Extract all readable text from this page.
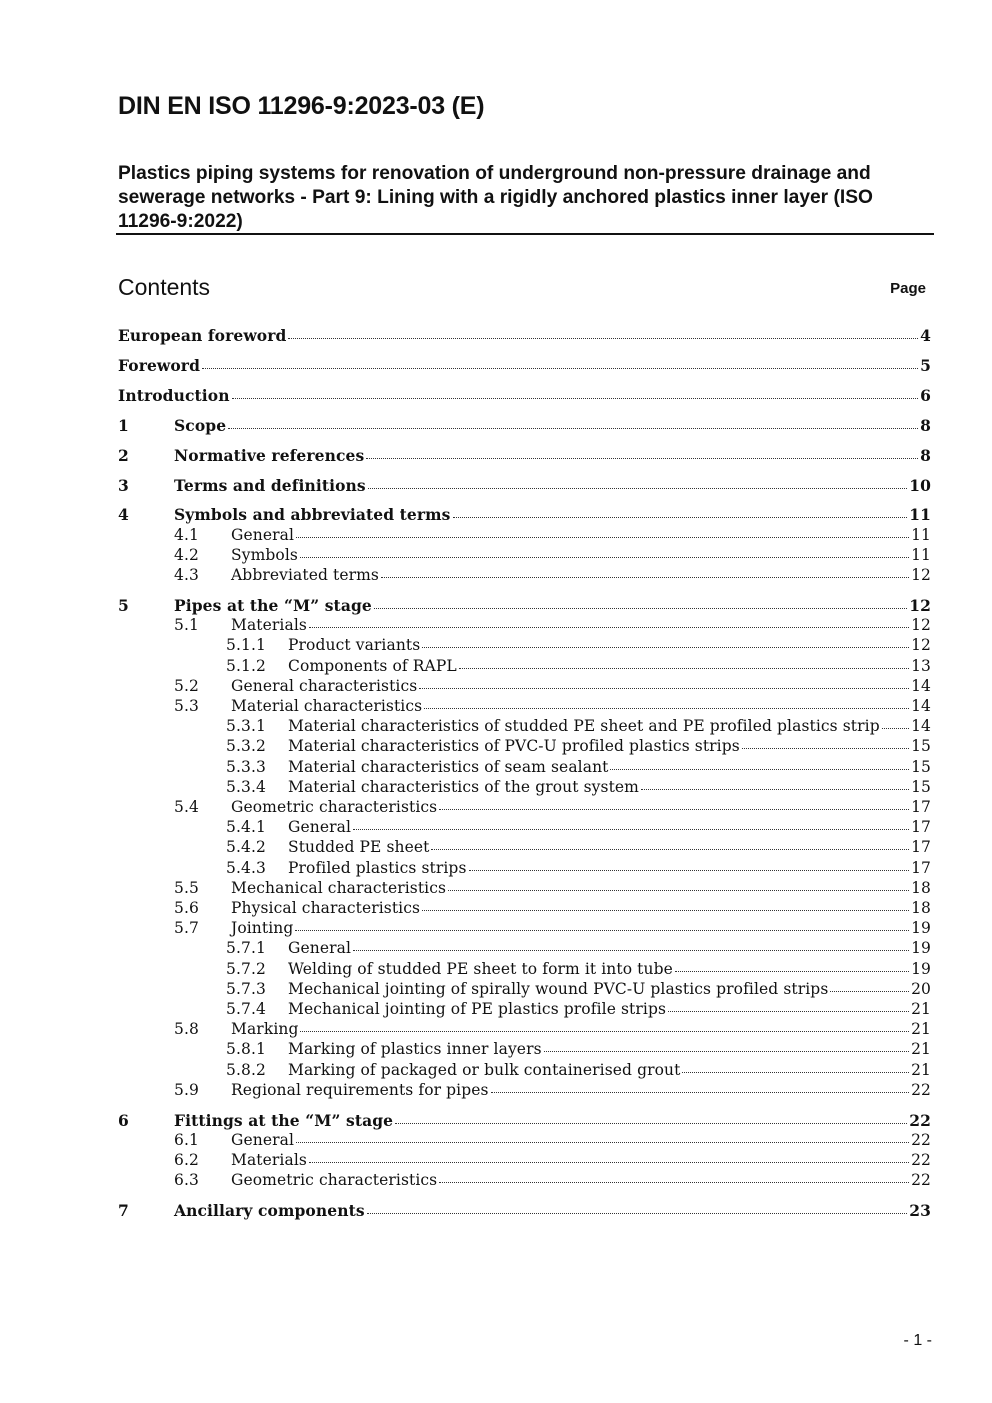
DIN EN ISO 11296-9:2023-03 (E)
Plastics piping systems for renovation of underground non-pressure drainage and sewerage networks - Part 9: Lining with a rigidly anchored plastics inner layer (ISO 11296-9:2022)
Contents	Page
European foreword	4
Foreword	5
Introduction	6
1	Scope	8
2	Normative references	8
3	Terms and definitions	10
4	Symbols and abbreviated terms	11
4.1 General	11
4.2 Symbols	11
4.3 Abbreviated terms	12
5	Pipes at the “M” stage	12
5.1 Materials	12
5.1.1 Product variants	12
5.1.2 Components of RAPL	13
5.2 General characteristics	14
5.3 Material characteristics	14
5.3.1 Material characteristics of studded PE sheet and PE profiled plastics strip 14
5.3.2 Material characteristics of PVC-U profiled plastics strips	15
5.3.3 Material characteristics of seam sealant	15
5.3.4 Material characteristics of the grout system	15
5.4 Geometric characteristics	17
5.4.1 General	17
5.4.2 Studded PE sheet	17
5.4.3 Profiled plastics strips	17
5.5 Mechanical characteristics	18
5.6 Physical characteristics	18
5.7 Jointing	19
5.7.1 General	19
5.7.2 Welding of studded PE sheet to form it into tube	19
5.7.3 Mechanical jointing of spirally wound PVC-U plastics profiled strips	20
5.7.4 Mechanical jointing of PE plastics profile strips	21
5.8 Marking	21
5.8.1 Marking of plastics inner layers	21
5.8.2 Marking of packaged or bulk containerised grout	21
5.9 Regional requirements for pipes	22
6	Fittings at the “M” stage	22
6.1 General	22
6.2 Materials	22
6.3 Geometric characteristics	22
7	Ancillary components	23
- 1 -
